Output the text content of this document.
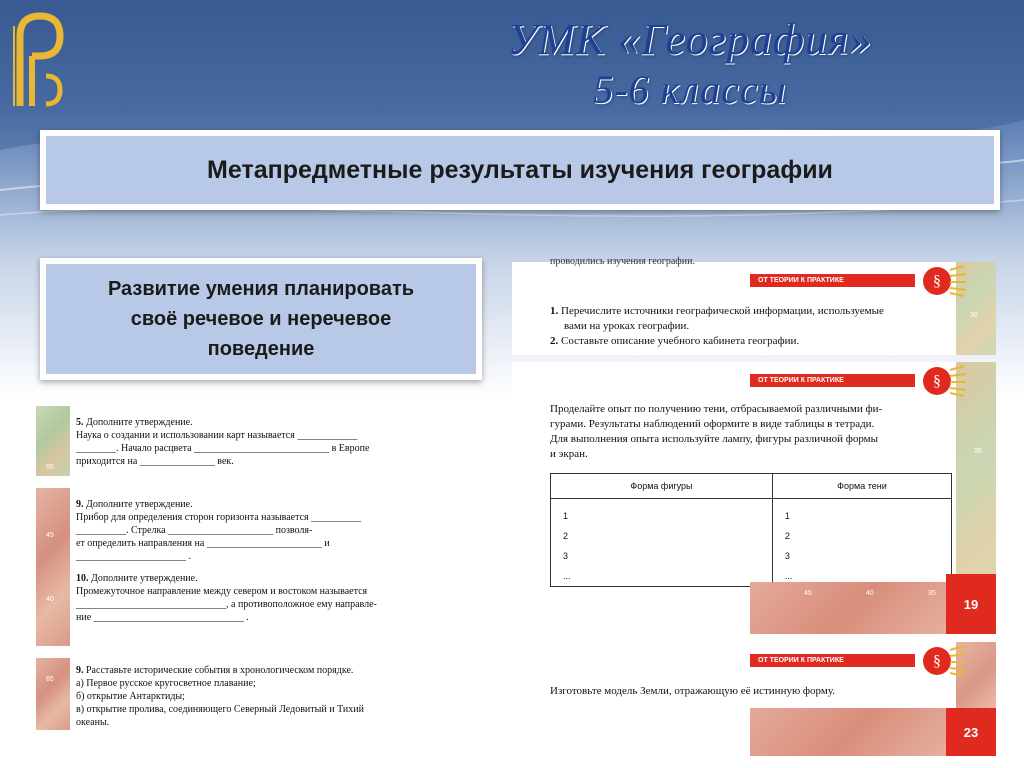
УМК «География»
5-6 классы
Метапредметные результаты изучения географии
Развитие умения планировать
своё речевое и неречевое
поведение
55
5. Дополните утверждение.
Наука о создании и использовании карт называется ____________
________. Начало расцвета ___________________________ в Европе
приходится на _______________ век.
45
40
9. Дополните утверждение.
Прибор для определения сторон горизонта называется __________
__________. Стрелка _____________________ позволя-
ет определить направления на _______________________ и
______________________ .
10. Дополните утверждение.
Промежуточное направление между севером и востоком называется
______________________________, а противоположное ему направле-
ние ______________________________ .
65
9. Расставьте исторические события в хронологическом порядке.
а) Первое русское кругосветное плавание;
б) открытие Антарктиды;
в) открытие пролива, соединяющего Северный Ледовитый и Тихий
океаны.
30
проводились изучения географии.
ОТ ТЕОРИИ К ПРАКТИКЕ	§
1. Перечислите источники географической информации, используемые
вами на уроках географии.
2. Составьте описание учебного кабинета географии.
35
ОТ ТЕОРИИ К ПРАКТИКЕ	§
Проделайте опыт по получению тени, отбрасываемой различными фи-
гурами. Результаты наблюдений оформите в виде таблицы в тетради.
Для выполнения опыта используйте лампу, фигуры различной формы
и экран.
Форма фигуры	Форма тени
1	1
2	2
3	3
...	...
45	40	35
19
ОТ ТЕОРИИ К ПРАКТИКЕ	§
Изготовьте модель Земли, отражающую её истинную форму.
23
